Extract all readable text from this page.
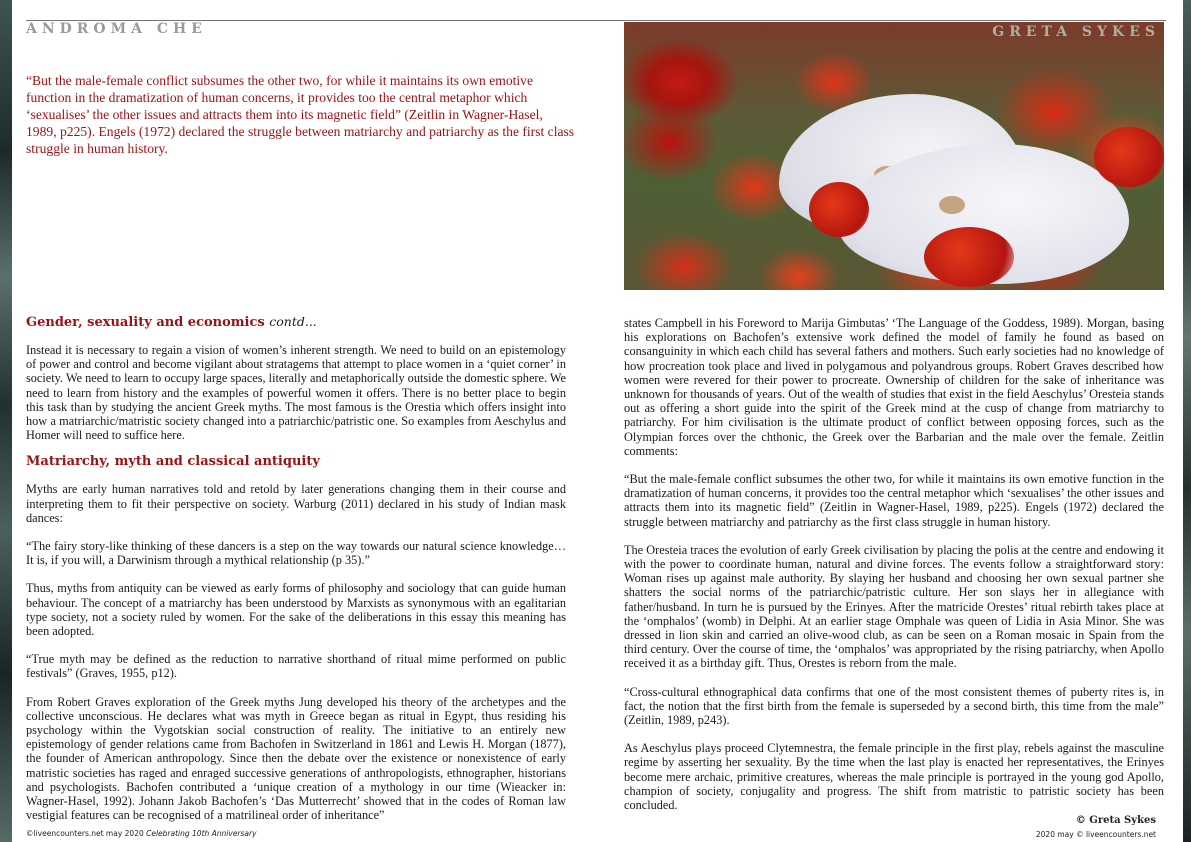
ANDROMA CHE
“But the male-female conflict subsumes the other two, for while it maintains its own emotive function in the dramatization of human concerns, it provides too the central metaphor which ‘sexualises’ the other issues and attracts them into its magnetic field” (Zeitlin in Wagner-Hasel, 1989, p225). Engels (1972) declared the struggle between matriarchy and patriarchy as the first class struggle in human history.
GRETA SYKES
Gender, sexuality and economics contd...

Instead it is necessary to regain a vision of women’s inherent strength. We need to build on an epistemology of power and control and become vigilant about stratagems that attempt to place women in a ‘quiet corner’ in society. We need to learn to occupy large spaces, literally and metaphorically outside the domestic sphere. We need to learn from history and the examples of powerful women it offers. There is no better place to begin this task than by studying the ancient Greek myths. The most famous is the Orestia which offers insight into how a matriarchic/matristic society changed into a patriarchic/patristic one. So examples from Aeschylus and Homer will need to suffice here.

Matriarchy, myth and classical antiquity

Myths are early human narratives told and retold by later generations changing them in their course and interpreting them to fit their perspective on society. Warburg (2011) declared in his study of Indian mask dances:

“The fairy story-like thinking of these dancers is a step on the way towards our natural science knowledge… It is, if you will, a Darwinism through a mythical relationship (p 35).”

Thus, myths from antiquity can be viewed as early forms of philosophy and sociology that can guide human behaviour. The concept of a matriarchy has been understood by Marxists as synonymous with an egalitarian type society, not a society ruled by women. For the sake of the deliberations in this essay this meaning has been adopted.

“True myth may be defined as the reduction to narrative shorthand of ritual mime performed on public festivals” (Graves, 1955, p12).

From Robert Graves exploration of the Greek myths Jung developed his theory of the archetypes and the collective unconscious. He declares what was myth in Greece began as ritual in Egypt, thus residing his psychology within the Vygotskian social construction of reality. The initiative to an entirely new epistemology of gender relations came from Bachofen in Switzerland in 1861 and Lewis H. Morgan (1877), the founder of American anthropology. Since then the debate over the existence or nonexistence of early matristic societies has raged and enraged successive generations of anthropologists, ethnographer, historians and psychologists. Bachofen contributed a ‘unique creation of a mythology in our time (Wieacker in: Wagner-Hasel, 1992). Johann Jakob Bachofen’s ‘Das Mutterrecht’ showed that in the codes of Roman law vestigial features can be recognised of a matrilineal order of inheritance”

states Campbell in his Foreword to Marija Gimbutas’ ‘The Language of the Goddess, 1989). Morgan, basing his explorations on Bachofen’s extensive work defined the model of family he found as based on consanguinity in which each child has several fathers and mothers. Such early societies had no knowledge of how procreation took place and lived in polygamous and polyandrous groups. Robert Graves described how women were revered for their power to procreate. Ownership of children for the sake of inheritance was unknown for thousands of years. Out of the wealth of studies that exist in the field Aeschylus’ Oresteia stands out as offering a short guide into the spirit of the Greek mind at the cusp of change from matriarchy to patriarchy. For him civilisation is the ultimate product of conflict between opposing forces, such as the Olympian forces over the chthonic, the Greek over the Barbarian and the male over the female. Zeitlin comments:

“But the male-female conflict subsumes the other two, for while it maintains its own emotive function in the dramatization of human concerns, it provides too the central metaphor which ‘sexualises’ the other issues and attracts them into its magnetic field” (Zeitlin in Wagner-Hasel, 1989, p225). Engels (1972) declared the struggle between matriarchy and patriarchy as the first class struggle in human history.

The Oresteia traces the evolution of early Greek civilisation by placing the polis at the centre and endowing it with the power to coordinate human, natural and divine forces. The events follow a straightforward story: Woman rises up against male authority. By slaying her husband and choosing her own sexual partner she shatters the social norms of the patriarchic/patristic culture. Her son slays her in allegiance with father/husband. In turn he is pursued by the Erinyes. After the matricide Orestes’ ritual rebirth takes place at the ‘omphalos’ (womb) in Delphi. At an earlier stage Omphale was queen of Lidia in Asia Minor. She was dressed in lion skin and carried an olive-wood club, as can be seen on a Roman mosaic in Spain from the third century. Over the course of time, the ‘omphalos’ was appropriated by the rising patriarchy, when Apollo received it as a birthday gift. Thus, Orestes is reborn from the male.

“Cross-cultural ethnographical data confirms that one of the most consistent themes of puberty rites is, in fact, the notion that the first birth from the female is superseded by a second birth, this time from the male” (Zeitlin, 1989, p243).

As Aeschylus plays proceed Clytemnestra, the female principle in the first play, rebels against the masculine regime by asserting her sexuality. By the time when the last play is enacted her representatives, the Erinyes become mere archaic, primitive creatures, whereas the male principle is portrayed in the young god Apollo, champion of society, conjugality and progress. The shift from matristic to patristic society has been concluded.

©liveencounters.net may 2020 Celebrating 10th Anniversary
© Greta Sykes
2020 may © liveencounters.net
